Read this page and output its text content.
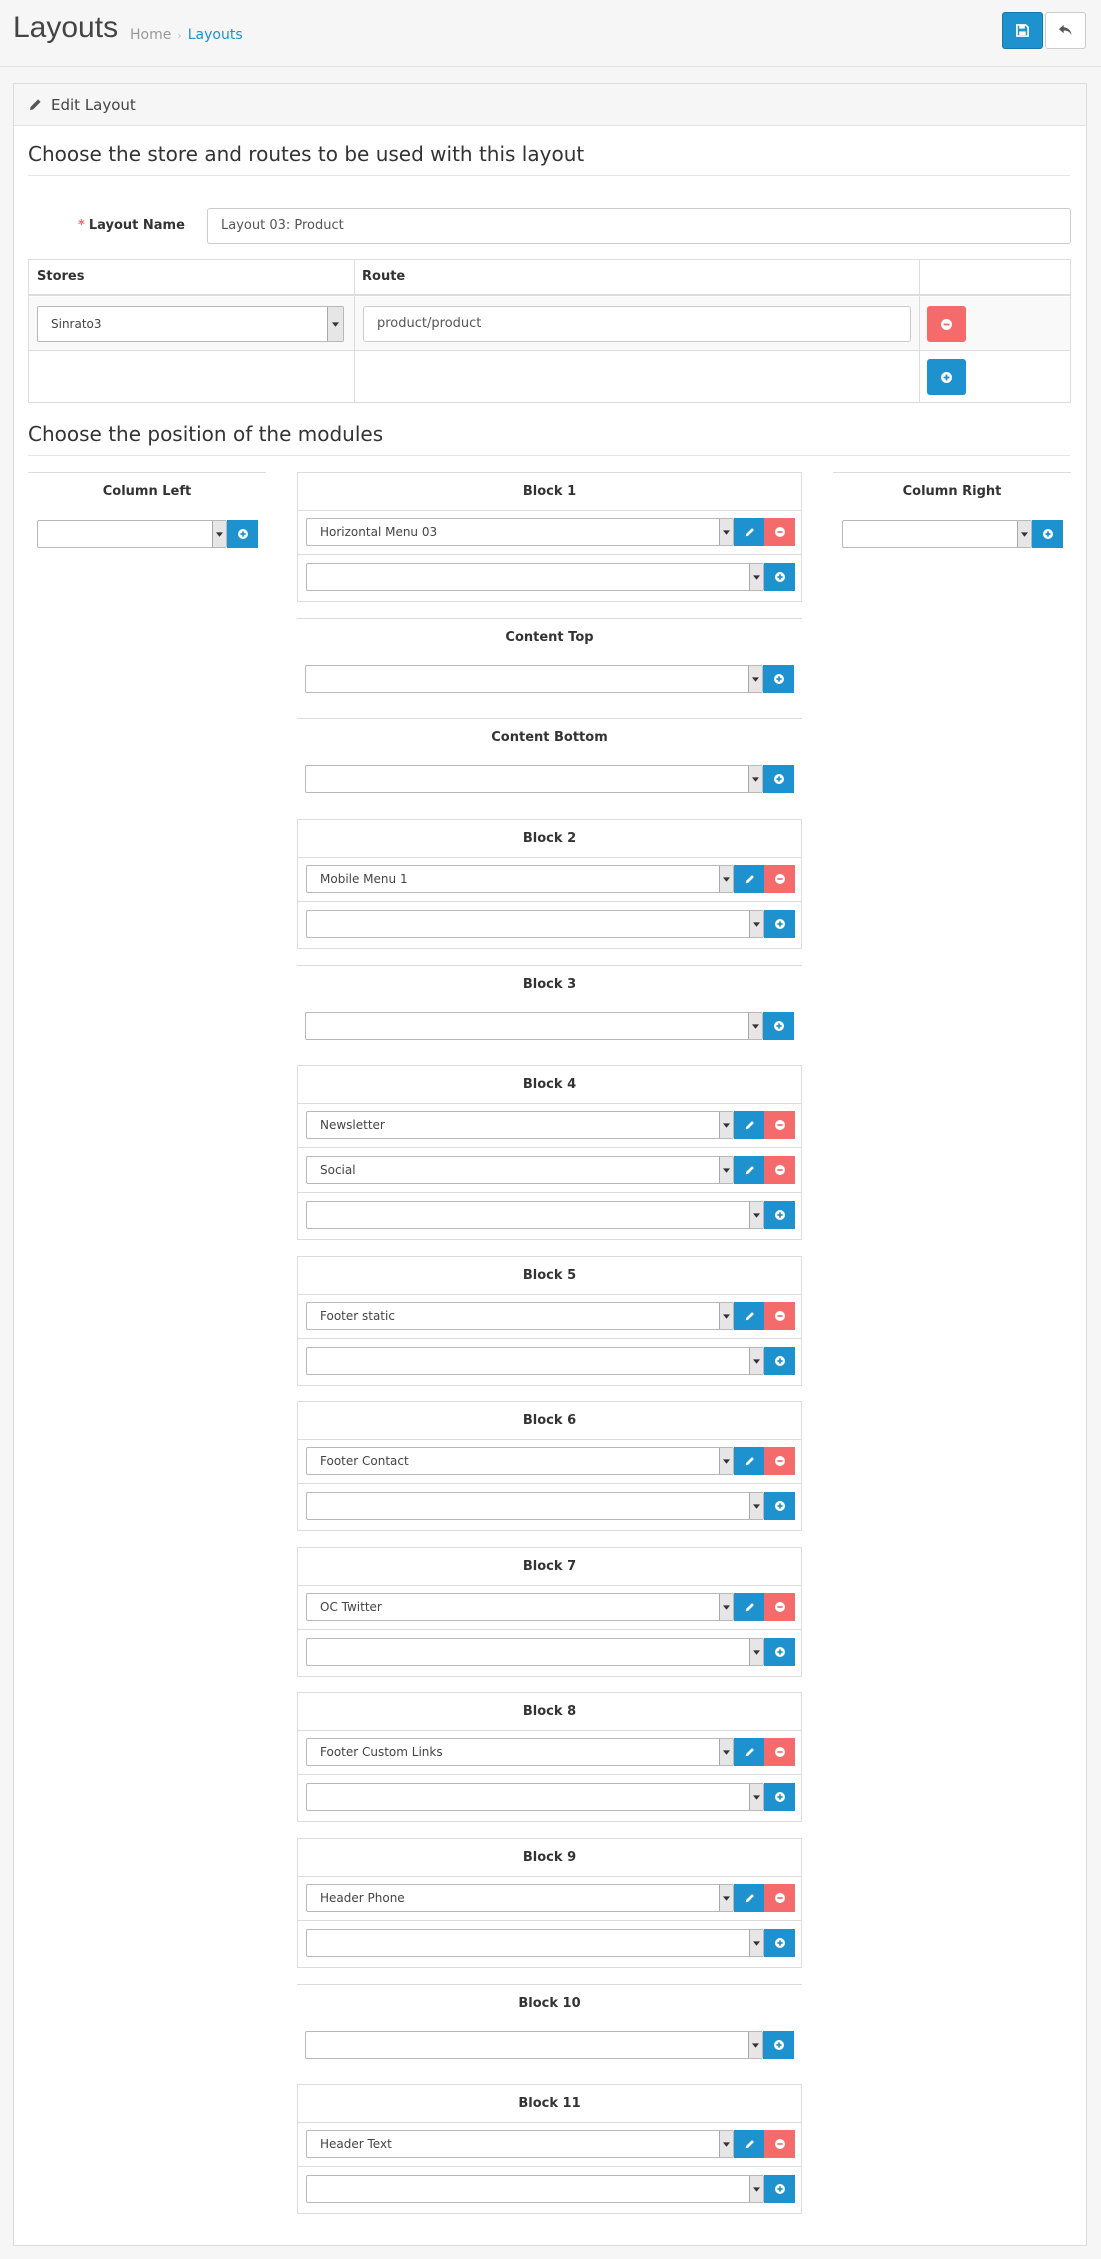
Layouts Home › Layouts
Edit Layout
Choose the store and routes to be used with this layout
* Layout Name	Layout 03: Product
Stores	Route
Sinrato3	product/product
Choose the position of the modules
Column Left	Column Right
Block 1
Horizontal Menu 03
Content Top
Content Bottom
Block 2
Mobile Menu 1
Block 3
Block 4
Newsletter
Social
Block 5
Footer static
Block 6
Footer Contact
Block 7
OC Twitter
Block 8
Footer Custom Links
Block 9
Header Phone
Block 10
Block 11
Header Text
